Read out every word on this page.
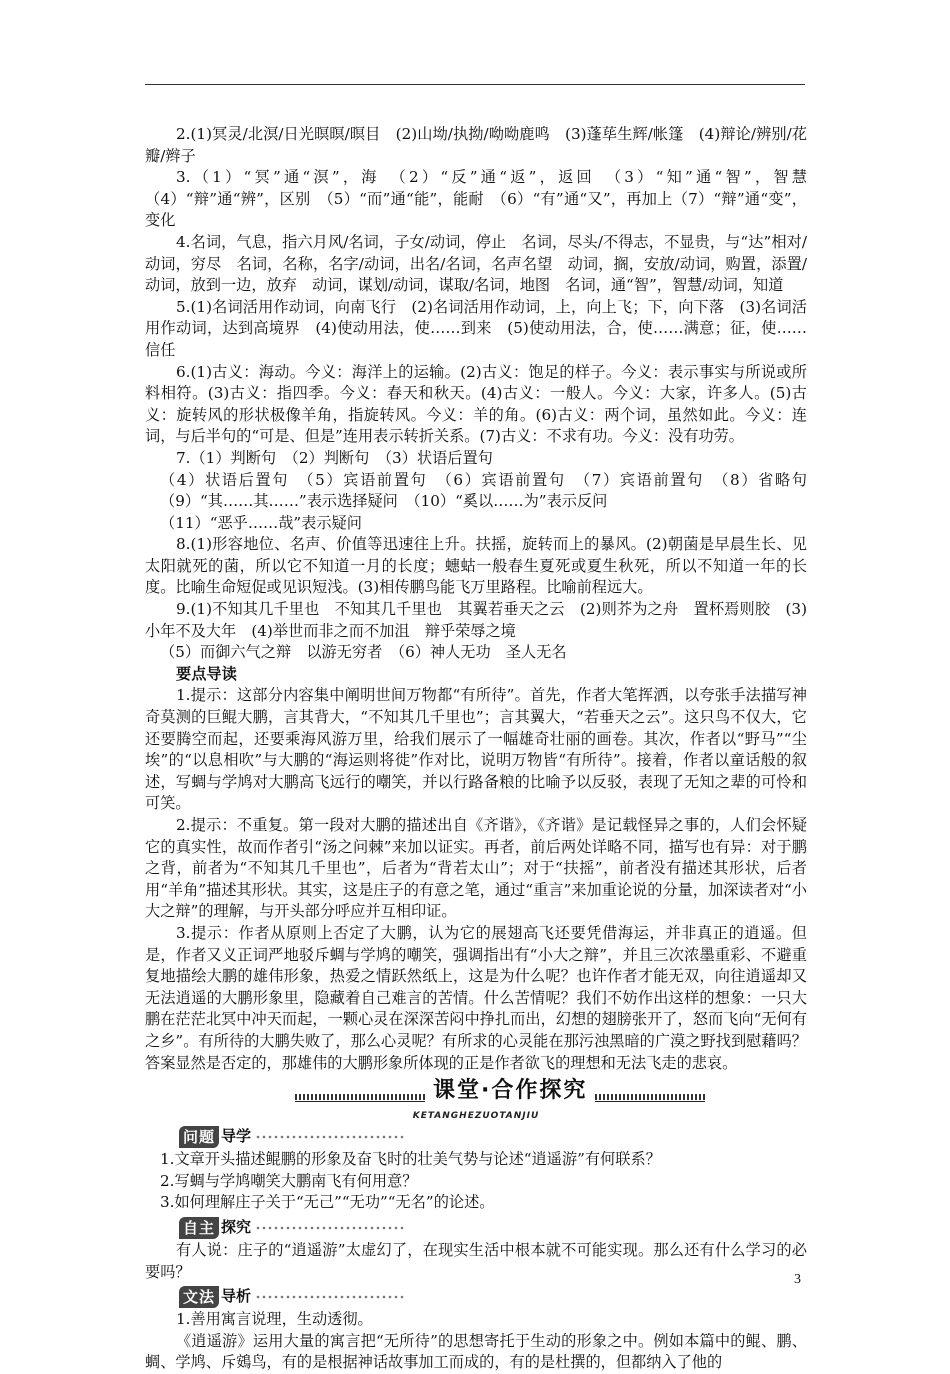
2.(1)冥灵/北溟/日光暝暝/暝目　(2)山坳/执拗/呦呦鹿鸣　(3)蓬荜生辉/帐篷　(4)辩论/辨别/花瓣/辫子

3.（1）“冥”通“溟”，海　（2）“反”通“返”，返回　（3）“知”通“智”，智慧（4）“辩”通“辨”，区别　（5）“而”通“能”，能耐　（6）“有”通“又”，再加上（7）“辩”通“变”，变化

4.名词，气息，指六月风/名词，子女/动词，停止　名词，尽头/不得志，不显贵，与“达”相对/动词，穷尽　名词，名称，名字/动词，出名/名词，名声名望　动词，搁，安放/动词，购置，添置/动词，放到一边，放弃　动词，谋划/动词，谋取/名词，地图　名词，通“智”，智慧/动词，知道

5.(1)名词活用作动词，向南飞行　(2)名词活用作动词，上，向上飞；下，向下落　(3)名词活用作动词，达到高境界　(4)使动用法，使……到来　(5)使动用法，合，使……满意；征，使……信任

6.(1)古义：海动。今义：海洋上的运输。(2)古义：饱足的样子。今义：表示事实与所说或所料相符。(3)古义：指四季。今义：春天和秋天。(4)古义：一般人。今义：大家，许多人。(5)古义：旋转风的形状极像羊角，指旋转风。今义：羊的角。(6)古义：两个词，虽然如此。今义：连词，与后半句的“可是、但是”连用表示转折关系。(7)古义：不求有功。今义：没有功劳。

7.（1）判断句　（2）判断句　（3）状语后置句

（4）状语后置句　（5）宾语前置句　（6）宾语前置句　（7）宾语前置句　（8）省略句（9）“其……其……”表示选择疑问　（10）“奚以……为”表示反问

（11）“恶乎……哉”表示疑问

8.(1)形容地位、名声、价值等迅速往上升。扶摇，旋转而上的暴风。(2)朝菌是早晨生长、见太阳就死的菌，所以它不知道一月的长度；蟪蛄一般春生夏死或夏生秋死，所以不知道一年的长度。比喻生命短促或见识短浅。(3)相传鹏鸟能飞万里路程。比喻前程远大。

9.(1)不知其几千里也　不知其几千里也　其翼若垂天之云　(2)则芥为之舟　置杯焉则胶　(3)小年不及大年　(4)举世而非之而不加沮　辩乎荣辱之境

（5）而御六气之辩　以游无穷者　（6）神人无功　圣人无名

要点导读

1.提示：这部分内容集中阐明世间万物都“有所待”。首先，作者大笔挥洒，以夸张手法描写神奇莫测的巨鲲大鹏，言其背大，“不知其几千里也”；言其翼大，“若垂天之云”。这只鸟不仅大，它还要腾空而起，还要乘海风游万里，给我们展示了一幅雄奇壮丽的画卷。其次，作者以“野马”“尘埃”的“以息相吹”与大鹏的“海运则将徙”作对比，说明万物皆“有所待”。接着，作者以童话般的叙述，写蜩与学鸠对大鹏高飞远行的嘲笑，并以行路备粮的比喻予以反驳，表现了无知之辈的可怜和可笑。

2.提示：不重复。第一段对大鹏的描述出自《齐谐》，《齐谐》是记载怪异之事的，人们会怀疑它的真实性，故而作者引“汤之问棘”来加以证实。再者，前后两处详略不同，描写也有异：对于鹏之背，前者为“不知其几千里也”，后者为“背若太山”；对于“扶摇”，前者没有描述其形状，后者用“羊角”描述其形状。其实，这是庄子的有意之笔，通过“重言”来加重论说的分量，加深读者对“小大之辩”的理解，与开头部分呼应并互相印证。

3.提示：作者从原则上否定了大鹏，认为它的展翅高飞还要凭借海运，并非真正的逍遥。但是，作者又义正词严地驳斥蜩与学鸠的嘲笑，强调指出有“小大之辩”，并且三次浓墨重彩、不避重复地描绘大鹏的雄伟形象，热爱之情跃然纸上，这是为什么呢？也许作者才能无双，向往逍遥却又无法逍遥的大鹏形象里，隐藏着自己难言的苦情。什么苦情呢？我们不妨作出这样的想象：一只大鹏在茫茫北冥中冲天而起，一颗心灵在深深苦闷中挣扎而出，幻想的翅膀张开了，怒而飞向“无何有之乡”。有所待的大鹏失败了，那么心灵呢？有所求的心灵能在那污浊黑暗的广漠之野找到慰藉吗？答案显然是否定的，那雄伟的大鹏形象所体现的正是作者欲飞的理想和无法飞走的悲哀。

课堂·合作探究
KETANGHEZUOTANJIU
问题 导学

1.文章开头描述鲲鹏的形象及奋飞时的壮美气势与论述“逍遥游”有何联系？

2.写蜩与学鸠嘲笑大鹏南飞有何用意？

3.如何理解庄子关于“无己”“无功”“无名”的论述。

自主 探究

有人说：庄子的“逍遥游”太虚幻了，在现实生活中根本就不可能实现。那么还有什么学习的必要吗？

文法 导析

1.善用寓言说理，生动透彻。

《逍遥游》运用大量的寓言把“无所待”的思想寄托于生动的形象之中。例如本篇中的鲲、鹏、蜩、学鸠、斥鴳鸟，有的是根据神话故事加工而成的，有的是杜撰的，但都纳入了他的

3
